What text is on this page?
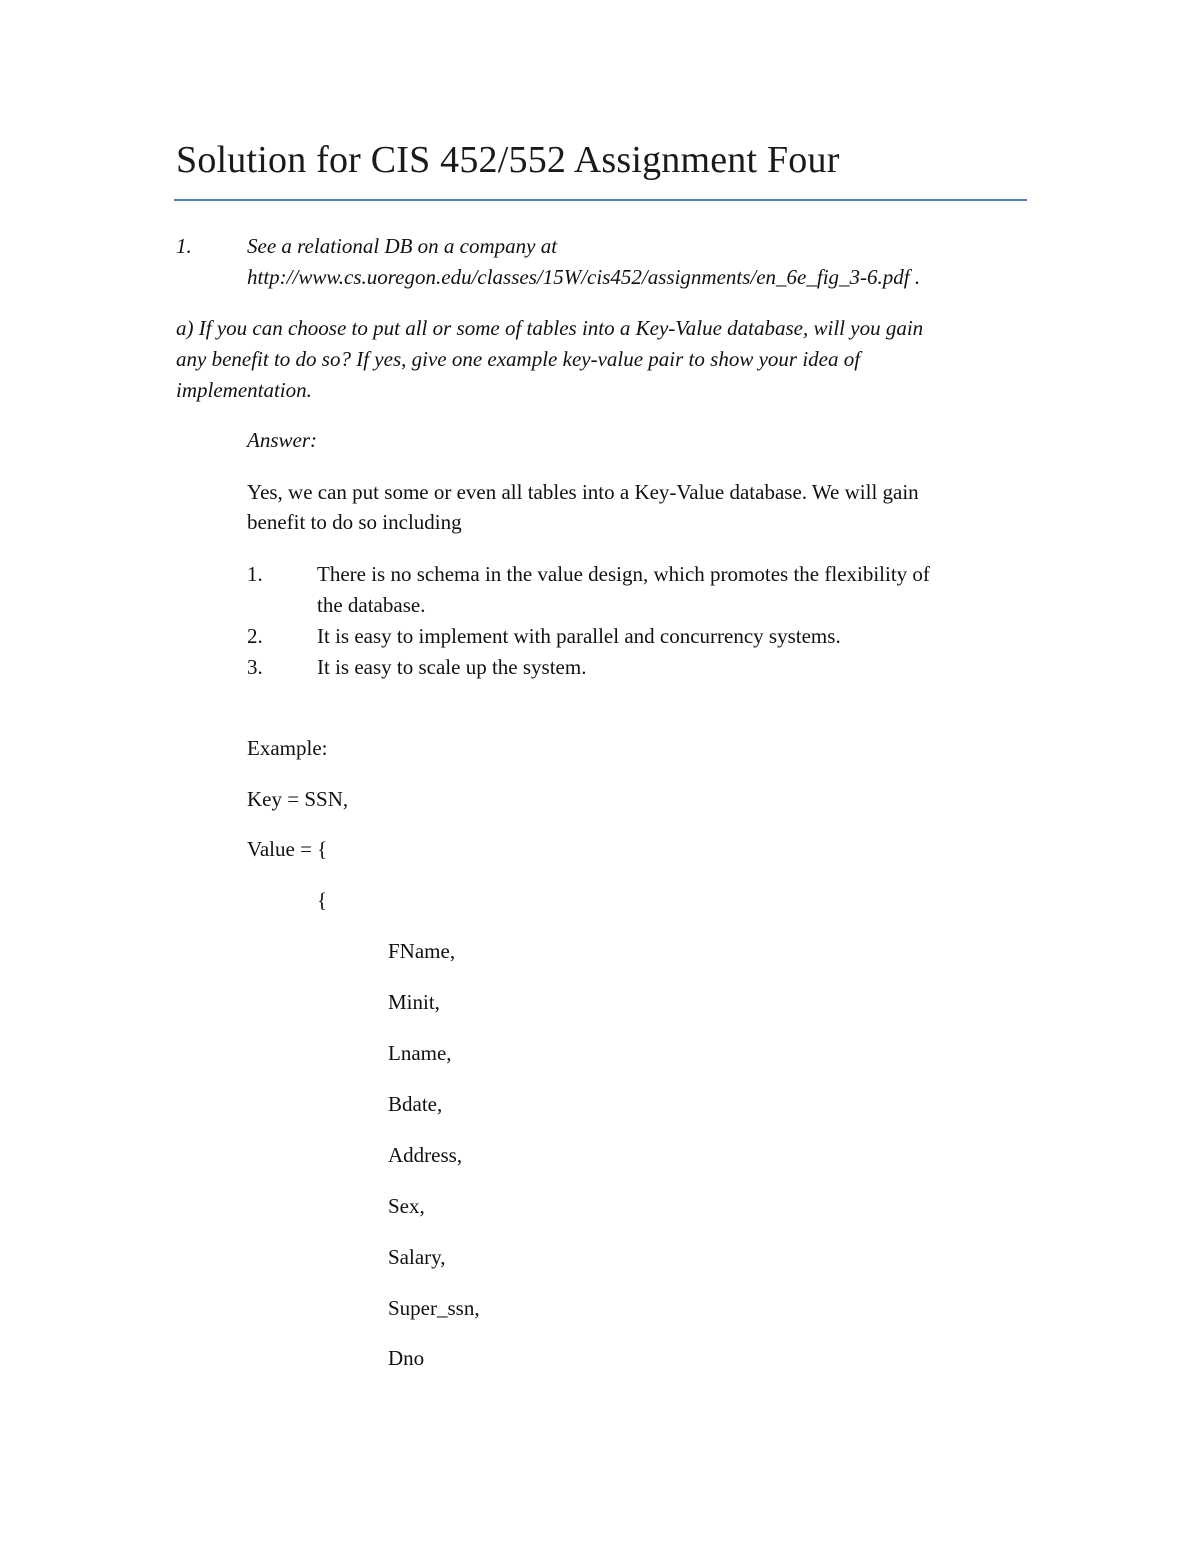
Solution for CIS 452/552 Assignment Four
1.	See a relational DB on a company at
http://www.cs.uoregon.edu/classes/15W/cis452/assignments/en_6e_fig_3-6.pdf .
a) If you can choose to put all or some of tables into a Key-Value database, will you gain
any benefit to do so? If yes, give one example key-value pair to show your idea of
implementation.
Answer:
Yes, we can put some or even all tables into a Key-Value database. We will gain
benefit to do so including
1.	There is no schema in the value design, which promotes the flexibility of
the database.
2.	It is easy to implement with parallel and concurrency systems.
3.	It is easy to scale up the system.
Example:
Key = SSN,
Value = {
{
FName,
Minit,
Lname,
Bdate,
Address,
Sex,
Salary,
Super_ssn,
Dno
